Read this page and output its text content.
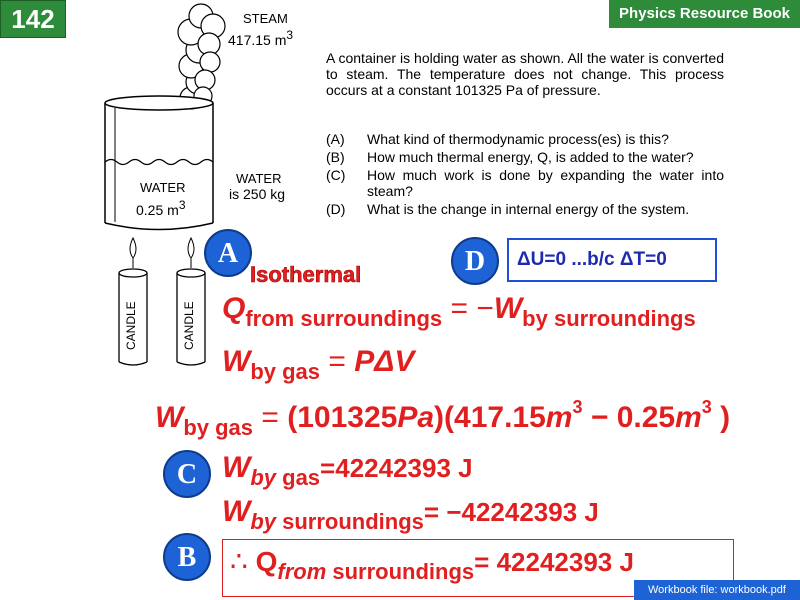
142	Physics Resource Book
STEAM
417.15 m3
WATER
is 250 kg
WATER
0.25 m3
CANDLE	CANDLE
A container is holding water as shown. All the water is converted to steam. The temperature does not change. This process occurs at a constant 101325 Pa of pressure.
(A)	What kind of thermodynamic process(es) is this?
(B)	How much thermal energy, Q, is added to the water?
(C)	How much work is done by expanding the water into steam?
(D)	What is the change in internal energy of the system.
A
Isothermal	D	ΔU=0 ...b/c ΔT=0
$Q_{from surroundings} = -W_{by surroundings}$
$W_{by gas} = P\Delta V$
$W_{by gas} = (101325Pa)(417.15m^3 - 0.25m^3$ )
C $W_{by gas}=42242393$ J
$W_{by surroundings}= -42242393$ J
B	∴ $Q_{from surroundings}= 42242393$ J
Workbook file: workbook.pdf
